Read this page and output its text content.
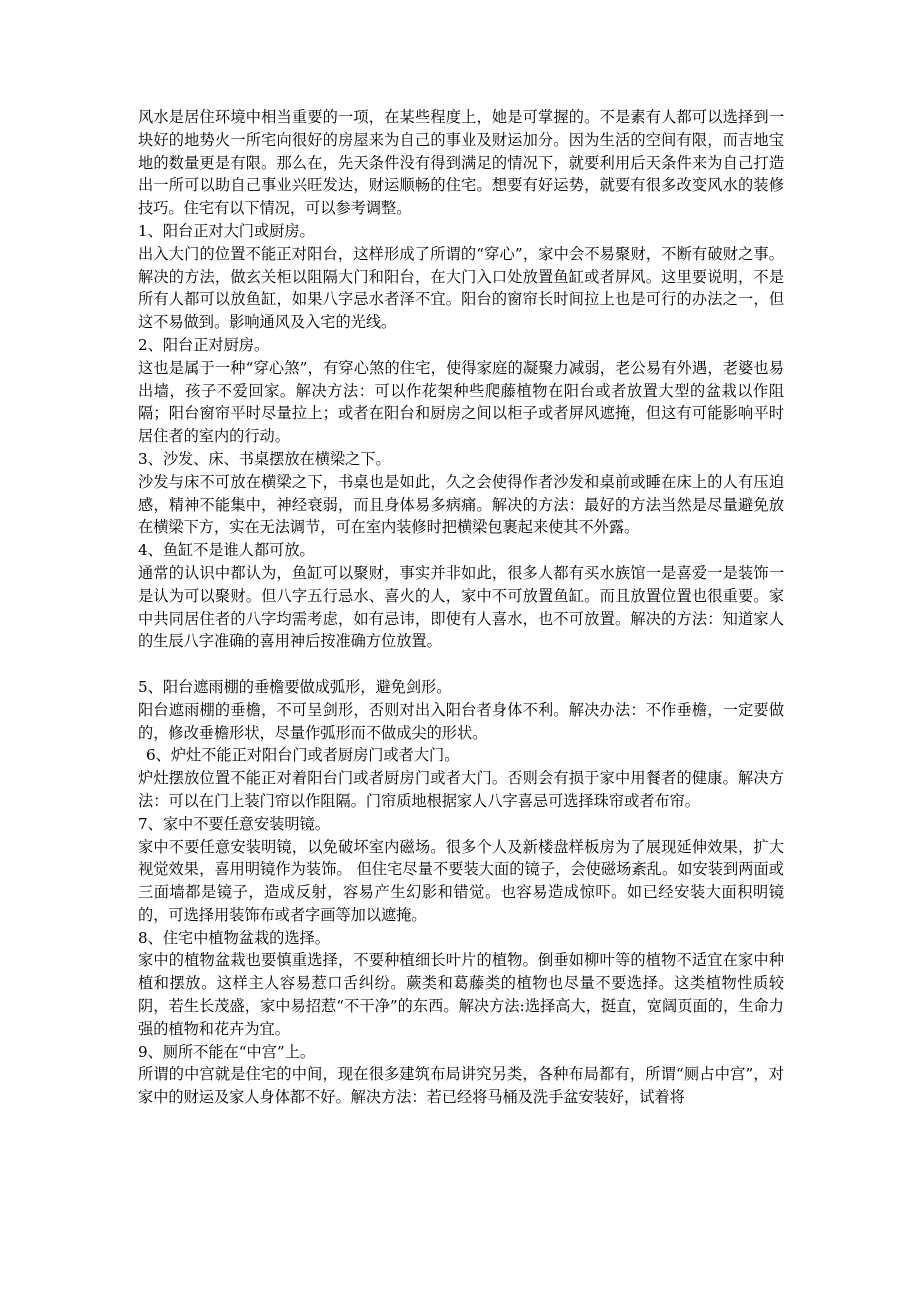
风水是居住环境中相当重要的一项，在某些程度上，她是可掌握的。不是素有人都可以选择到一块好的地势火一所宅向很好的房屋来为自己的事业及财运加分。因为生活的空间有限，而吉地宝地的数量更是有限。那么在，先天条件没有得到满足的情况下，就要利用后天条件来为自己打造出一所可以助自己事业兴旺发达，财运顺畅的住宅。想要有好运势，就要有很多改变风水的装修技巧。住宅有以下情况，可以参考调整。

1、阳台正对大门或厨房。

出入大门的位置不能正对阳台，这样形成了所谓的“穿心”，家中会不易聚财，不断有破财之事。解决的方法，做玄关柜以阻隔大门和阳台，在大门入口处放置鱼缸或者屏风。这里要说明，不是所有人都可以放鱼缸，如果八字忌水者泽不宜。阳台的窗帘长时间拉上也是可行的办法之一，但这不易做到。影响通风及入宅的光线。

2、阳台正对厨房。

这也是属于一种“穿心煞”，有穿心煞的住宅，使得家庭的凝聚力减弱，老公易有外遇，老婆也易出墙，孩子不爱回家。解决方法：可以作花架种些爬藤植物在阳台或者放置大型的盆栽以作阻隔；阳台窗帘平时尽量拉上；或者在阳台和厨房之间以柜子或者屏风遮掩，但这有可能影响平时居住者的室内的行动。

3、沙发、床、书桌摆放在横梁之下。

沙发与床不可放在横梁之下，书桌也是如此，久之会使得作者沙发和桌前或睡在床上的人有压迫感，精神不能集中，神经衰弱，而且身体易多病痛。解决的方法：最好的方法当然是尽量避免放在横梁下方，实在无法调节，可在室内装修时把横梁包裹起来使其不外露。

4、鱼缸不是谁人都可放。

通常的认识中都认为，鱼缸可以聚财，事实并非如此，很多人都有买水族馆一是喜爱一是装饰一是认为可以聚财。但八字五行忌水、喜火的人，家中不可放置鱼缸。而且放置位置也很重要。家中共同居住者的八字均需考虑，如有忌讳，即使有人喜水，也不可放置。解决的方法：知道家人的生辰八字准确的喜用神后按准确方位放置。

5、阳台遮雨棚的垂檐要做成弧形，避免剑形。

阳台遮雨棚的垂檐，不可呈剑形，否则对出入阳台者身体不利。解决办法：不作垂檐，一定要做的，修改垂檐形状，尽量作弧形而不做成尖的形状。

6、炉灶不能正对阳台门或者厨房门或者大门。

炉灶摆放位置不能正对着阳台门或者厨房门或者大门。否则会有损于家中用餐者的健康。解决方法：可以在门上装门帘以作阻隔。门帘质地根据家人八字喜忌可选择珠帘或者布帘。

7、家中不要任意安装明镜。

家中不要任意安装明镜，以免破坏室内磁场。很多个人及新楼盘样板房为了展现延伸效果，扩大视觉效果，喜用明镜作为装饰。 但住宅尽量不要装大面的镜子，会使磁场紊乱。如安装到两面或三面墙都是镜子，造成反射，容易产生幻影和错觉。也容易造成惊吓。如已经安装大面积明镜的，可选择用装饰布或者字画等加以遮掩。

8、住宅中植物盆栽的选择。

家中的植物盆栽也要慎重选择，不要种植细长叶片的植物。倒垂如柳叶等的植物不适宜在家中种植和摆放。这样主人容易惹口舌纠纷。蕨类和葛藤类的植物也尽量不要选择。这类植物性质较阴，若生长茂盛，家中易招惹“不干净”的东西。解决方法:选择高大，挺直，宽阔页面的，生命力强的植物和花卉为宜。

9、厕所不能在“中宫”上。

所谓的中宫就是住宅的中间，现在很多建筑布局讲究另类，各种布局都有，所谓“厕占中宫”，对家中的财运及家人身体都不好。解决方法：若已经将马桶及洗手盆安装好，试着将
